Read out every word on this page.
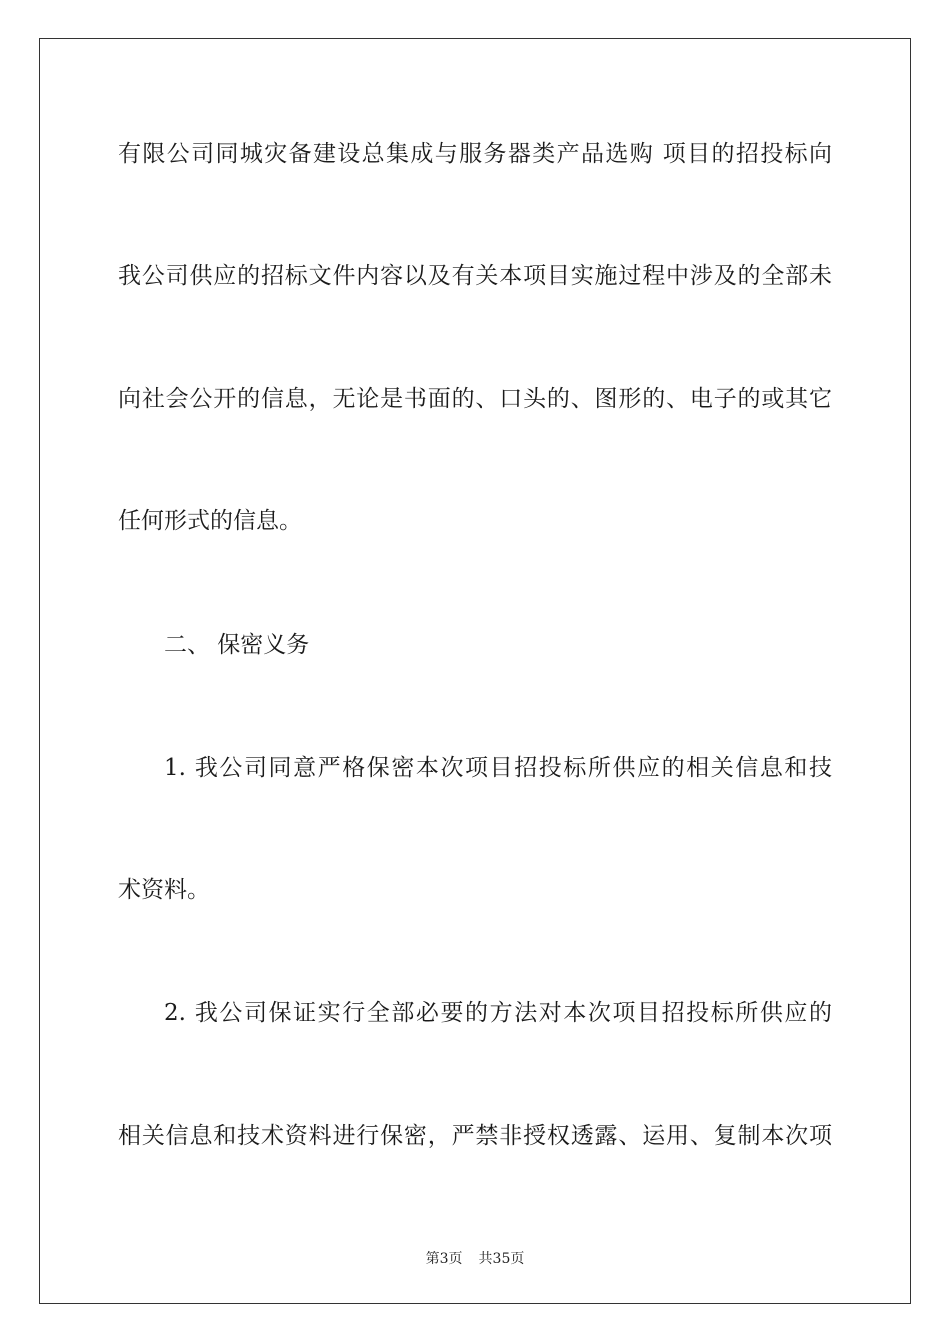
有限公司同城灾备建设总集成与服务器类产品选购 项目的招投标向
我公司供应的招标文件内容以及有关本项目实施过程中涉及的全部未
向社会公开的信息，无论是书面的、口头的、图形的、电子的或其它
任何形式的信息。
二、 保密义务
1. 我公司同意严格保密本次项目招投标所供应的相关信息和技
术资料。
2. 我公司保证实行全部必要的方法对本次项目招投标所供应的
相关信息和技术资料进行保密，严禁非授权透露、运用、复制本次项
第3页 共35页
